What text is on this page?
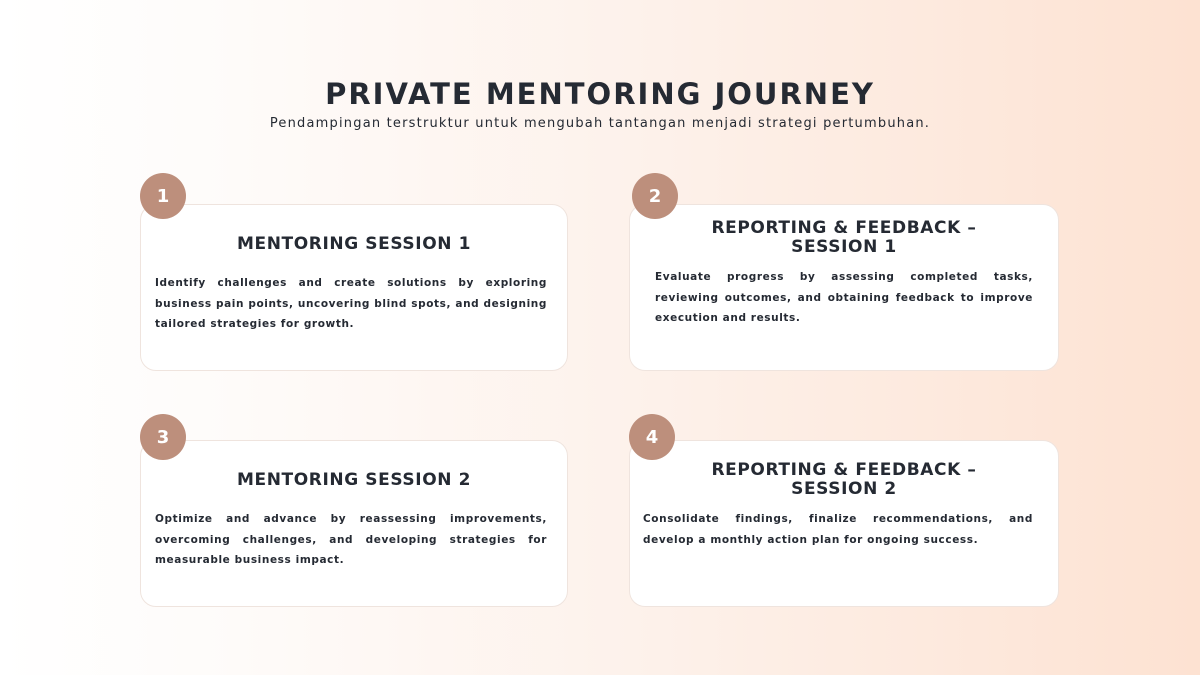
PRIVATE MENTORING JOURNEY
Pendampingan terstruktur untuk mengubah tantangan menjadi strategi pertumbuhan.
MENTORING SESSION 1
Identify challenges and create solutions by exploring business pain points, uncovering blind spots, and designing tailored strategies for growth.
1
REPORTING & FEEDBACK –
SESSION 1
Evaluate progress by assessing completed tasks, reviewing outcomes, and obtaining feedback to improve execution and results.
2
MENTORING SESSION 2
Optimize and advance by reassessing improvements, overcoming challenges, and developing strategies for measurable business impact.
3
REPORTING & FEEDBACK –
SESSION 2
Consolidate findings, finalize recommendations, and develop a monthly action plan for ongoing success.
4
